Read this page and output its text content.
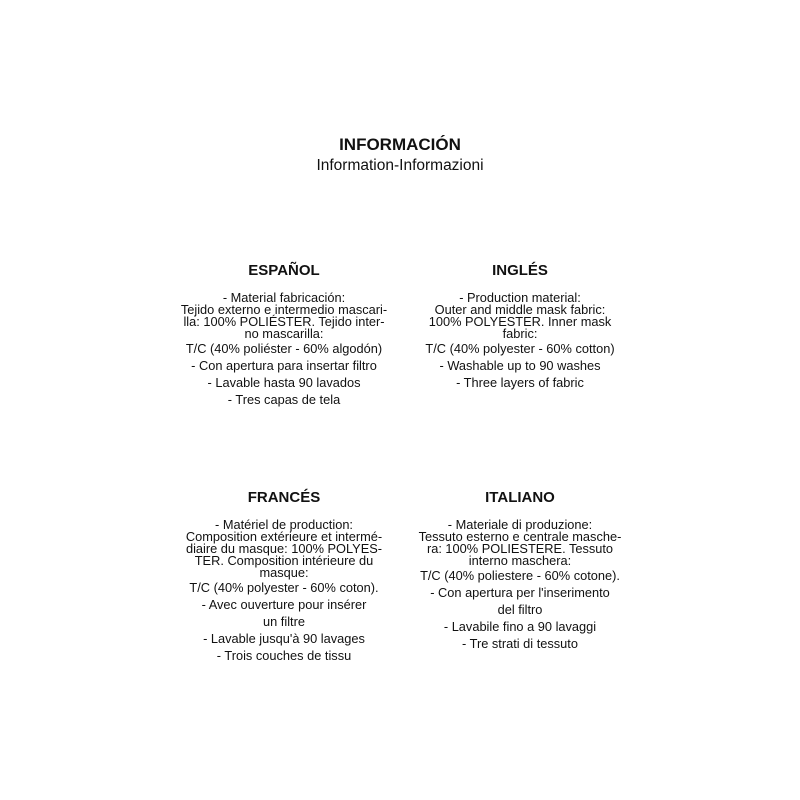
INFORMACIÓN

Information-Informazioni

ESPAÑOL

- Material fabricación:

Tejido externo e intermedio mascari-

lla: 100% POLIÉSTER. Tejido inter-

no mascarilla:

T/C (40% poliéster - 60% algodón)

- Con apertura para insertar filtro

- Lavable hasta 90 lavados

- Tres capas de tela

INGLÉS

- Production material:

Outer and middle mask fabric:

100% POLYESTER. Inner mask

fabric:

T/C (40% polyester - 60% cotton)

- Washable up to 90 washes

- Three layers of fabric

FRANCÉS

- Matériel de production:

Composition extérieure et intermé-

diaire du masque: 100% POLYES-

TER. Composition intérieure du

masque:

T/C (40% polyester - 60% coton).

- Avec ouverture pour insérer

un filtre

- Lavable jusqu'à 90 lavages

- Trois couches de tissu

ITALIANO

- Materiale di produzione:

Tessuto esterno e centrale masche-

ra: 100% POLIESTERE. Tessuto

interno maschera:

T/C (40% poliestere - 60% cotone).

- Con apertura per l'inserimento

del filtro

- Lavabile fino a 90 lavaggi

- Tre strati di tessuto
